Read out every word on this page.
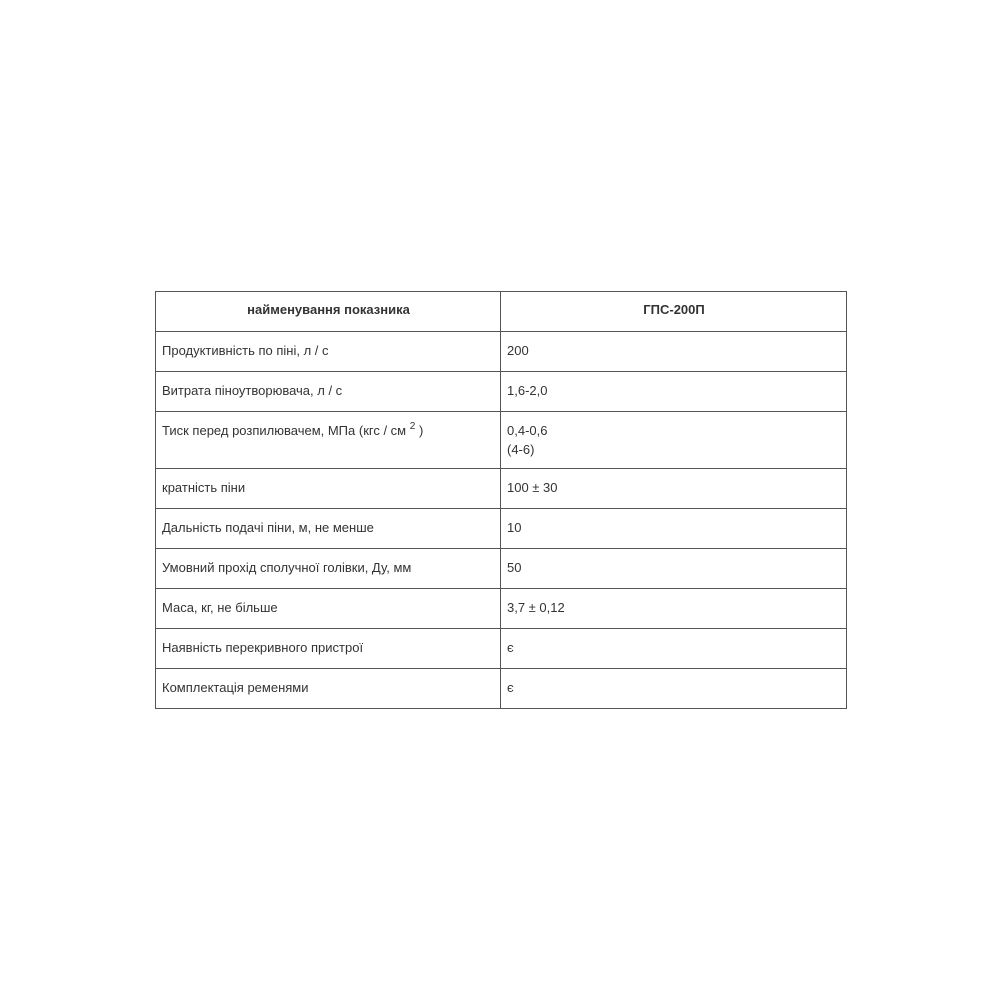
найменування показника	ГПС-200П
Продуктивність по піні, л / с	200
Витрата піноутворювача, л / с	1,6-2,0
Тиск перед розпилювачем, МПа (кгс / см $^2$ )	0,4-0,6
(4-6)

кратність піни	100 ± 30
Дальність подачі піни, м, не менше	10
Умовний прохід сполучної голівки, Ду, мм	50
Маса, кг, не більше	3,7 ± 0,12
Наявність перекривного пристрої	є
Комплектація ременями	є
